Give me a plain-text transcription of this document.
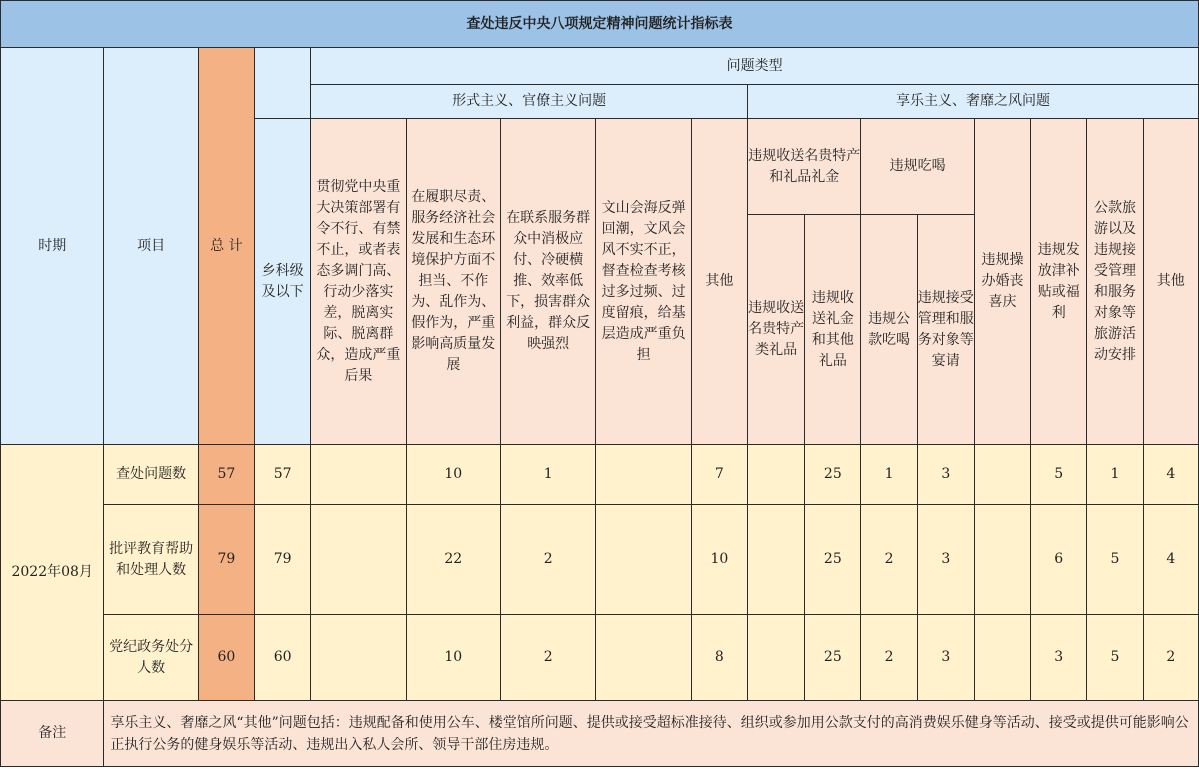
查处违反中央八项规定精神问题统计指标表																
时期	项目	总 计		问题类型												
				形式主义、官僚主义问题					享乐主义、奢靡之风问题							
			乡科级及以下	贯彻党中央重大决策部署有令不行、有禁不止，或者表态多调门高、行动少落实差，脱离实际、脱离群众，造成严重后果	在履职尽责、服务经济社会发展和生态环境保护方面不担当、不作为、乱作为、假作为，严重影响高质量发展	在联系服务群众中消极应付、冷硬横推、效率低下，损害群众利益，群众反映强烈	文山会海反弹回潮，文风会风不实不正，督查检查考核过多过频、过度留痕，给基层造成严重负担	其他	违规收送名贵特产和礼品礼金		违规吃喝		违规操办婚丧喜庆	违规发放津补贴或福利	公款旅游以及违规接受管理和服务对象等旅游活动安排	其他
									违规收送名贵特产类礼品	违规收送礼金和其他礼品	违规公款吃喝	违规接受管理和服务对象等宴请				
2022年08月	查处问题数	57	57		10	1		7		25	1	3		5	1	4
	批评教育帮助和处理人数	79	79		22	2		10		25	2	3		6	5	4
	党纪政务处分人数	60	60		10	2		8		25	2	3		3	5	2
备注	享乐主义、奢靡之风“其他”问题包括：违规配备和使用公车、楼堂馆所问题、提供或接受超标准接待、组织或参加用公款支付的高消费娱乐健身等活动、接受或提供可能影响公正执行公务的健身娱乐等活动、违规出入私人会所、领导干部住房违规。															
